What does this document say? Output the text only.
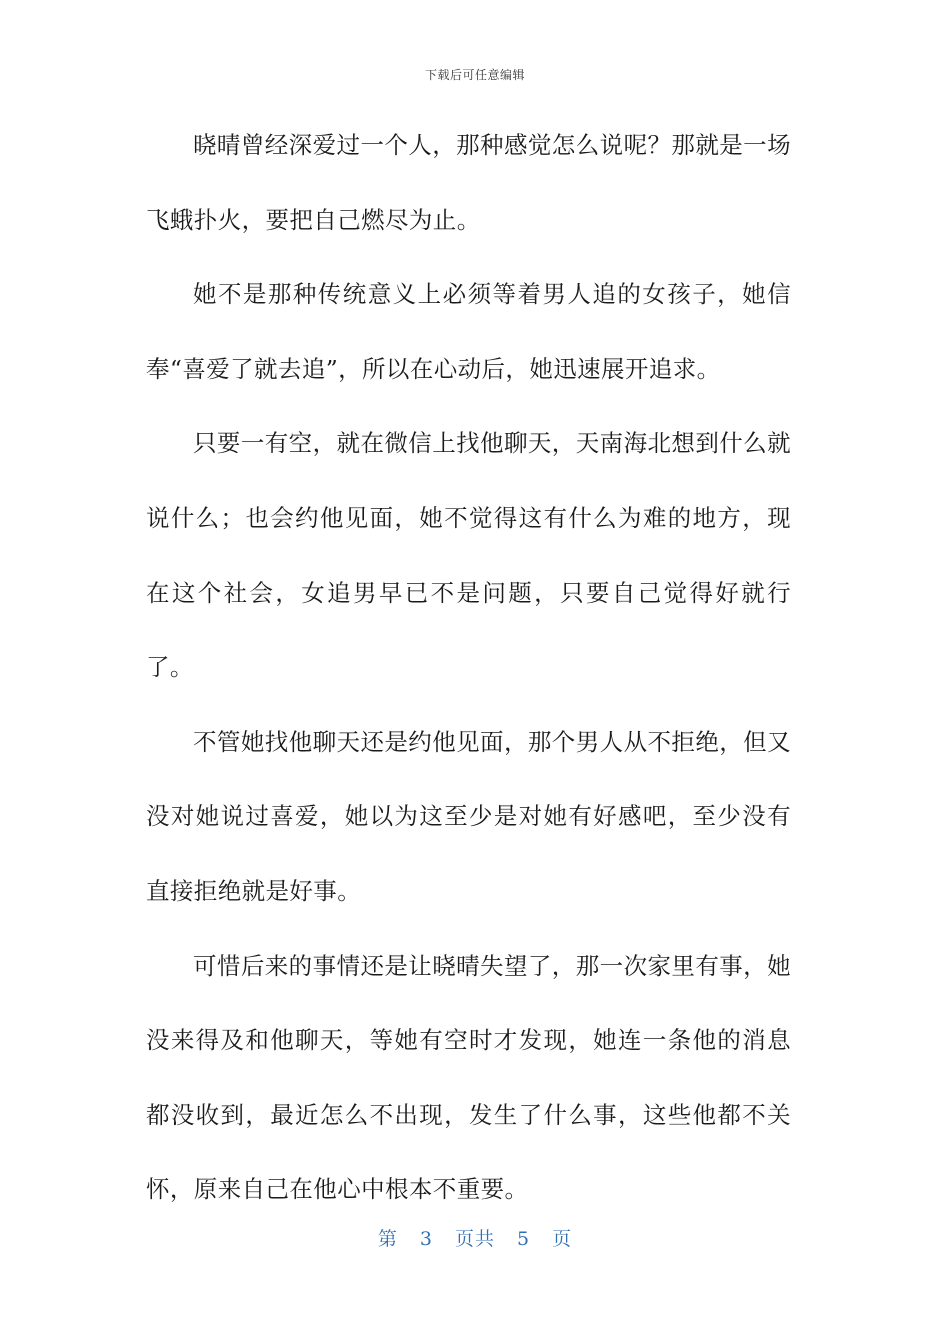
下载后可任意编辑

晓晴曾经深爱过一个人，那种感觉怎么说呢？那就是一场飞蛾扑火，要把自己燃尽为止。

她不是那种传统意义上必须等着男人追的女孩子，她信奉“喜爱了就去追”，所以在心动后，她迅速展开追求。

只要一有空，就在微信上找他聊天，天南海北想到什么就说什么；也会约他见面，她不觉得这有什么为难的地方，现在这个社会，女追男早已不是问题，只要自己觉得好就行了。

不管她找他聊天还是约他见面，那个男人从不拒绝，但又没对她说过喜爱，她以为这至少是对她有好感吧，至少没有直接拒绝就是好事。

可惜后来的事情还是让晓晴失望了，那一次家里有事，她没来得及和他聊天，等她有空时才发现，她连一条他的消息都没收到，最近怎么不出现，发生了什么事，这些他都不关怀，原来自己在他心中根本不重要。

第 3 页共 5 页
